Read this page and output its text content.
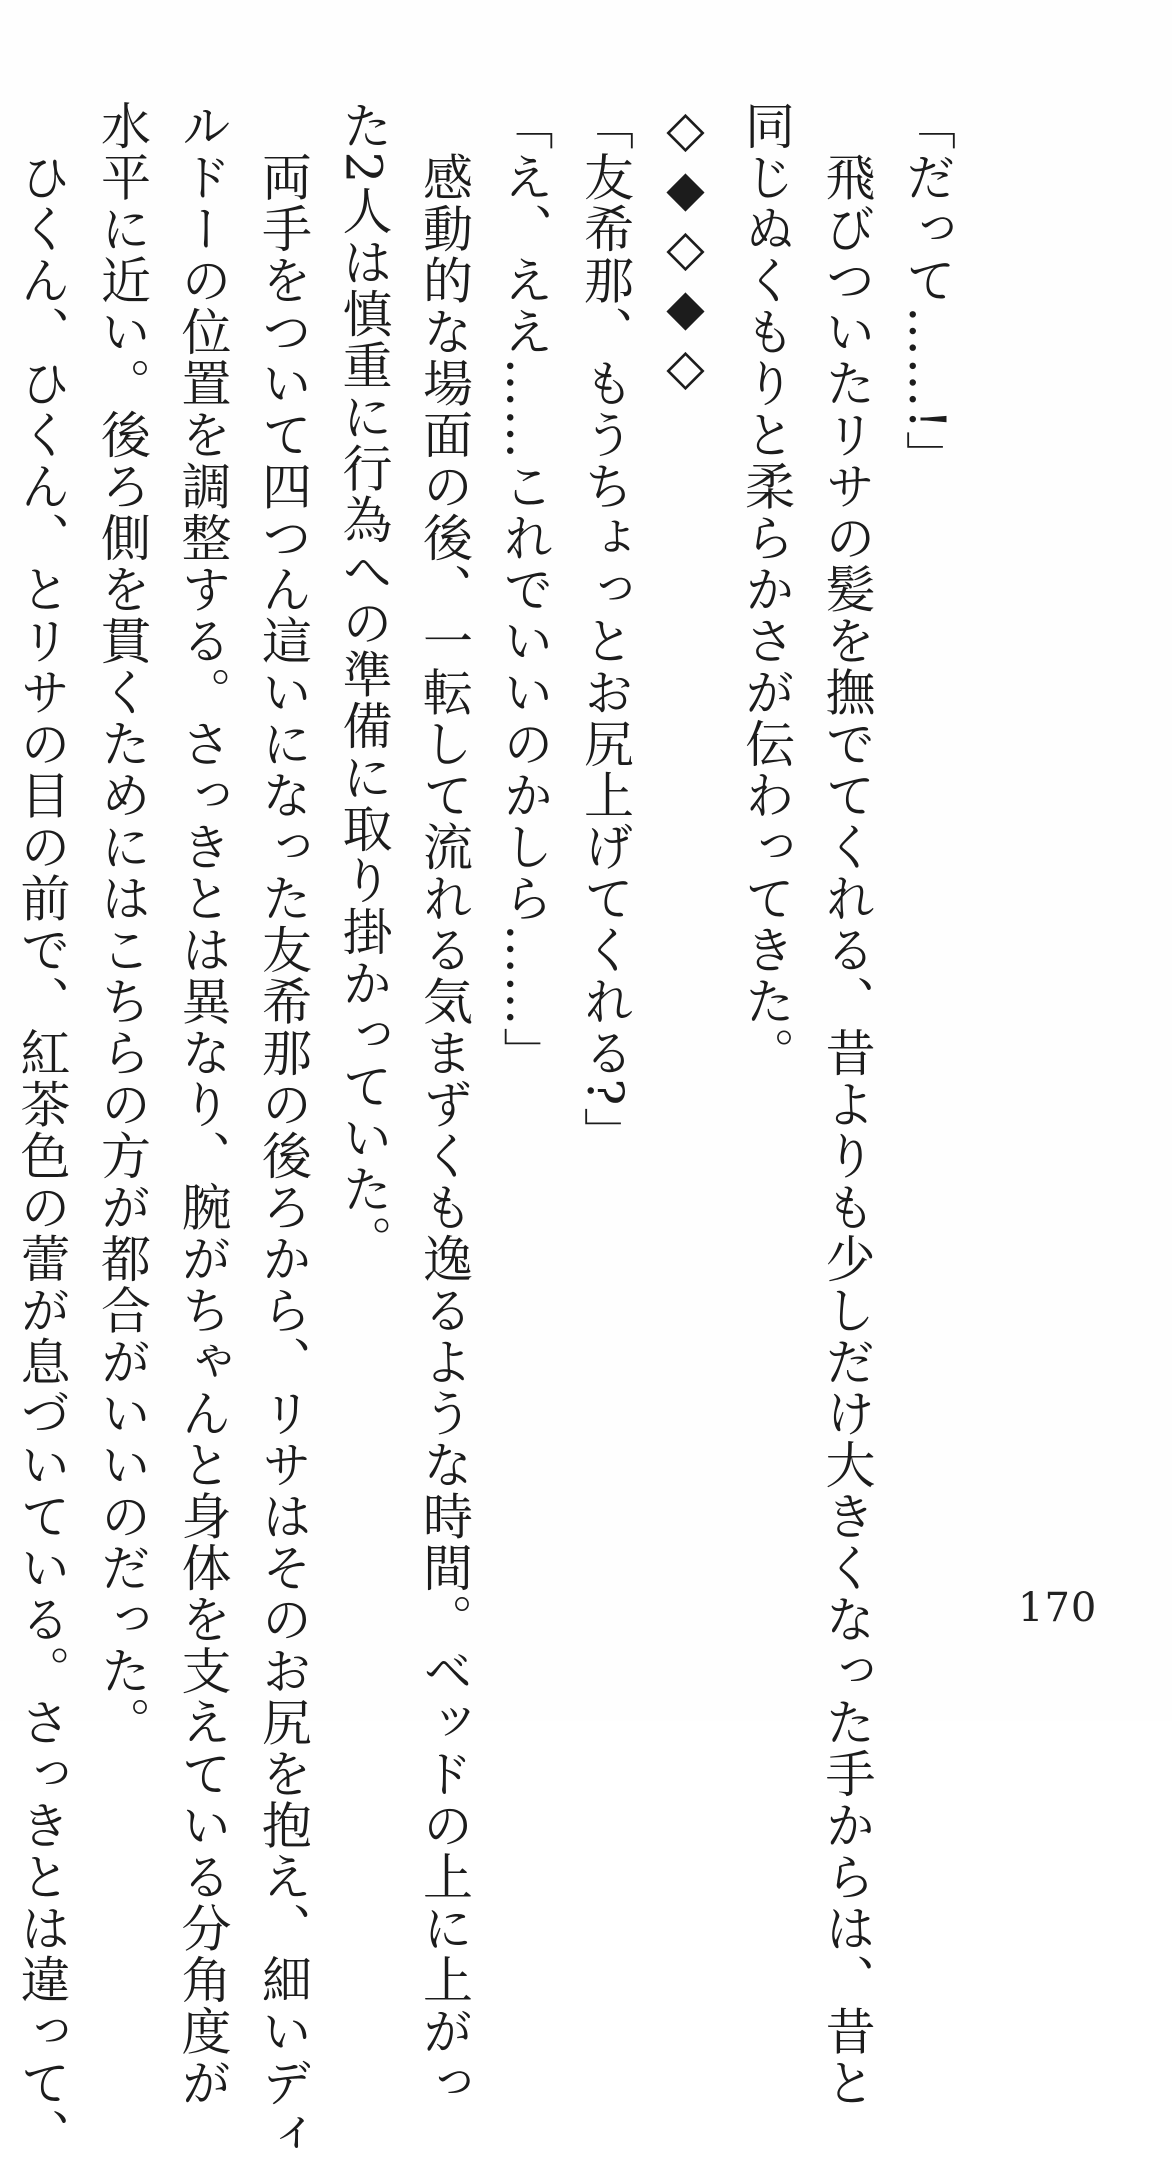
「だって……!」
　飛びついたリサの髪を撫でてくれる、昔よりも少しだけ大きくなった手からは、昔と
同じぬくもりと柔らかさが伝わってきた。
◇◆◇◆◇
「友希那、もうちょっとお尻上げてくれる?」
「え、ええ……これでいいのかしら……」
　感動的な場面の後、一転して流れる気まずくも逸るような時間。ベッドの上に上がっ
た2人は慎重に行為への準備に取り掛かっていた。
　両手をついて四つん這いになった友希那の後ろから、リサはそのお尻を抱え、細いディ
ルドーの位置を調整する。さっきとは異なり、腕がちゃんと身体を支えている分角度が
水平に近い。後ろ側を貫くためにはこちらの方が都合がいいのだった。
　ひくん、ひくん、とリサの目の前で、紅茶色の蕾が息づいている。さっきとは違って、	170
